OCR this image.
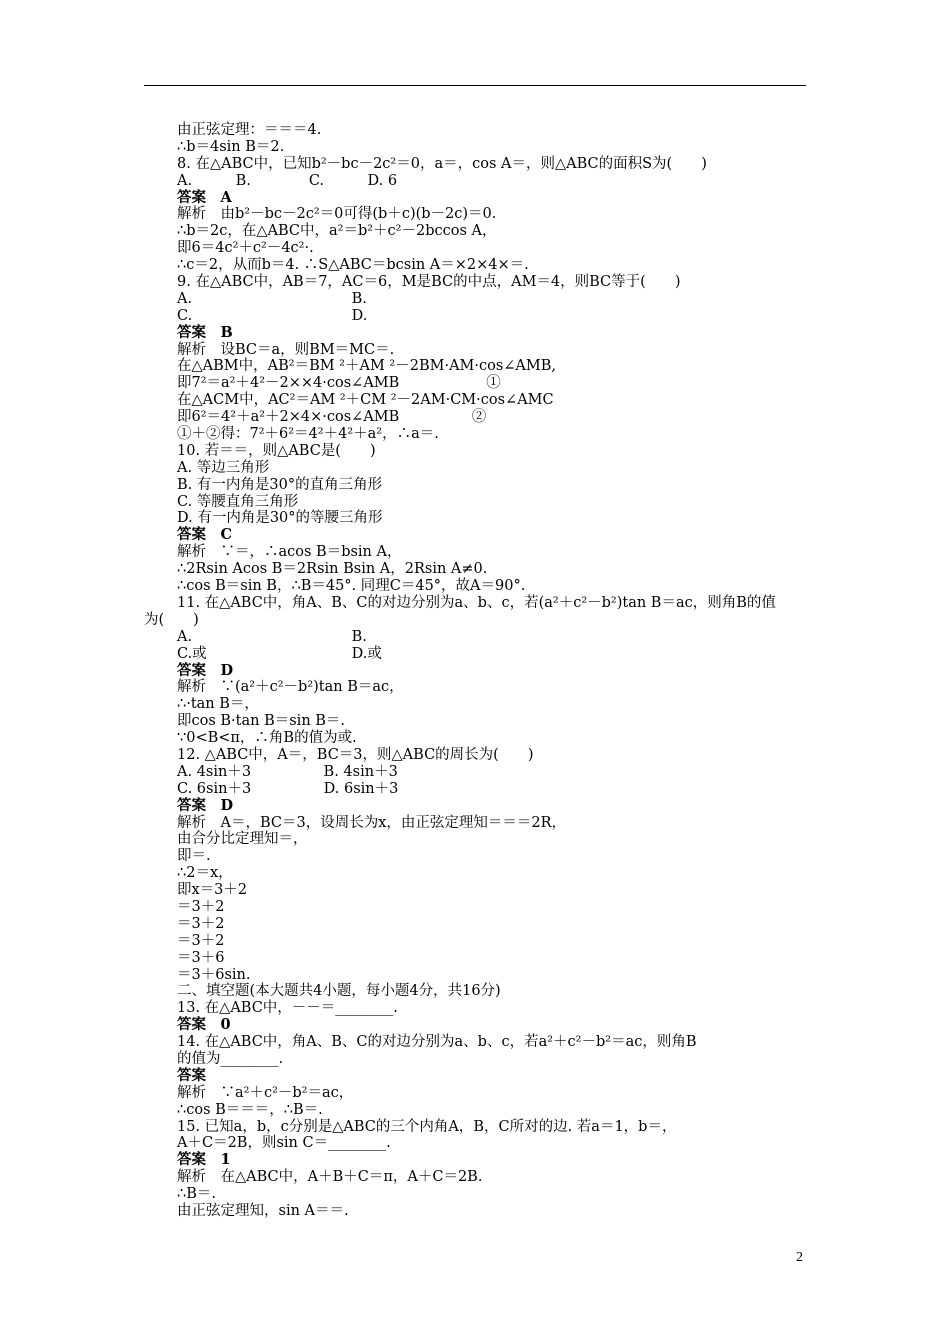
由正弦定理：＝＝＝4.
∴b＝4sin B＝2.
8. 在△ABC中，已知b²－bc－2c²＝0，a＝，cos A＝，则△ABC的面积S为(　　)
A.　　　B.　　　　C.　　　D. 6
答案　A
解析　由b²－bc－2c²＝0可得(b＋c)(b－2c)＝0.
∴b＝2c，在△ABC中，a²＝b²＋c²－2bccos A，
即6＝4c²＋c²－4c²·.
∴c＝2，从而b＝4. ∴S△ABC＝bcsin A＝×2×4×＝.
9. 在△ABC中，AB＝7，AC＝6，M是BC的中点，AM＝4，则BC等于(　　)
A.　　　　　　　　　　　B.
C.　　　　　　　　　　　D.
答案　B
解析　设BC＝a，则BM＝MC＝.
在△ABM中，AB²＝BM ²＋AM ²－2BM·AM·cos∠AMB,
即7²＝a²＋4²－2××4·cos∠AMB　　　　　　①
在△ACM中，AC²＝AM ²＋CM ²－2AM·CM·cos∠AMC
即6²＝4²＋a²＋2×4×·cos∠AMB　　　　　②
①＋②得：7²＋6²＝4²＋4²＋a²，∴a＝.
10. 若＝＝，则△ABC是(　　)
A. 等边三角形
B. 有一内角是30°的直角三角形
C. 等腰直角三角形
D. 有一内角是30°的等腰三角形
答案　C
解析　∵＝，∴acos B＝bsin A，
∴2Rsin Acos B＝2Rsin Bsin A，2Rsin A≠0.
∴cos B＝sin B，∴B＝45°. 同理C＝45°，故A＝90°.
11. 在△ABC中，角A、B、C的对边分别为a、b、c，若(a²＋c²－b²)tan B＝ac，则角B的值
为(　　)
A.　　　　　　　　　　　B.
C.或　　　　　　　　　　D.或
答案　D
解析　∵(a²＋c²－b²)tan B＝ac，
∴·tan B＝，
即cos B·tan B＝sin B＝.
∵0<B<π，∴角B的值为或.
12. △ABC中，A＝，BC＝3，则△ABC的周长为(　　)
A. 4sin＋3　　　　　B. 4sin＋3
C. 6sin＋3　　　　　D. 6sin＋3
答案　D
解析　A＝，BC＝3，设周长为x，由正弦定理知＝＝＝2R，
由合分比定理知＝，
即＝.
∴2＝x，
即x＝3＋2
＝3＋2
＝3＋2
＝3＋2
＝3＋6
＝3＋6sin.
二、填空题(本大题共4小题，每小题4分，共16分)
13. 在△ABC中，－－＝________.
答案　0
14. 在△ABC中，角A、B、C的对边分别为a、b、c，若a²＋c²－b²＝ac，则角B
的值为________.
答案
解析　∵a²＋c²－b²＝ac，
∴cos B＝＝＝，∴B＝.
15. 已知a，b，c分别是△ABC的三个内角A，B，C所对的边. 若a＝1，b＝，
A＋C＝2B，则sin C＝________.
答案　1
解析　在△ABC中，A＋B＋C＝π，A＋C＝2B.
∴B＝.
由正弦定理知，sin A＝＝.
2
